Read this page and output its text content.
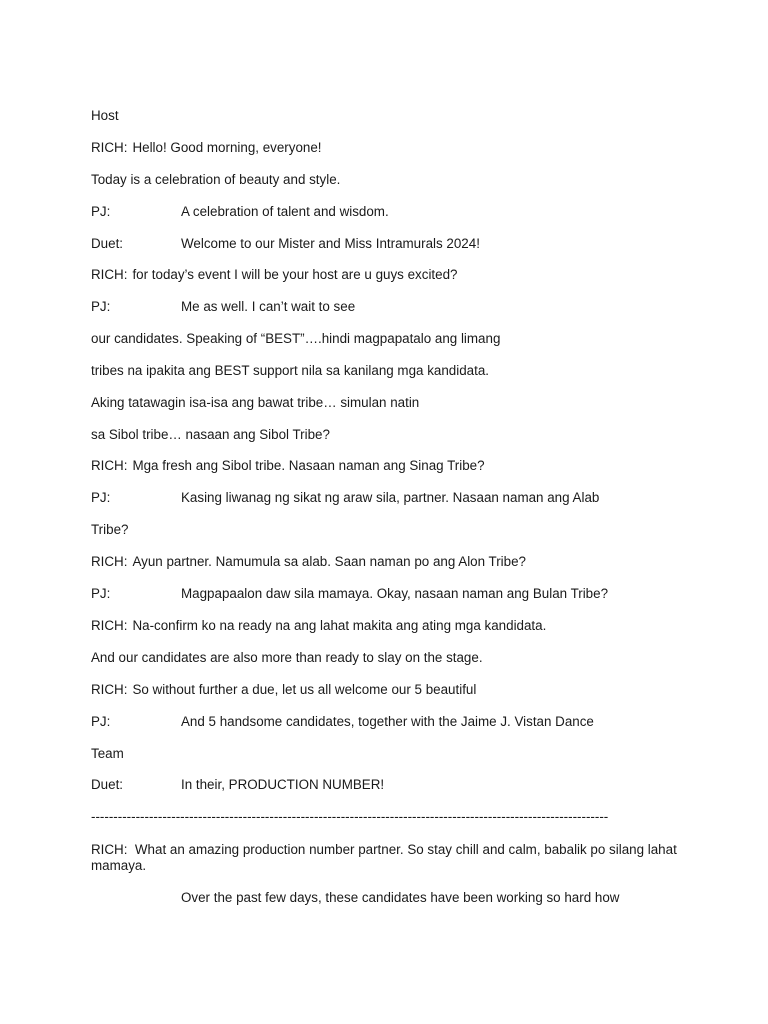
Host
RICH: Hello! Good morning, everyone!
Today is a celebration of beauty and style.
PJ:	A celebration of talent and wisdom.
Duet:	Welcome to our Mister and Miss Intramurals 2024!
RICH: for today’s event I will be your host are u guys excited?
PJ:	Me as well. I can’t wait to see
our candidates. Speaking of “BEST”….hindi magpapatalo ang limang
tribes na ipakita ang BEST support nila sa kanilang mga kandidata.
Aking tatawagin isa-isa ang bawat tribe… simulan natin
sa Sibol tribe… nasaan ang Sibol Tribe?
RICH: Mga fresh ang Sibol tribe. Nasaan naman ang Sinag Tribe?
PJ:	Kasing liwanag ng sikat ng araw sila, partner. Nasaan naman ang Alab
Tribe?
RICH: Ayun partner. Namumula sa alab. Saan naman po ang Alon Tribe?
PJ:	Magpapaalon daw sila mamaya. Okay, nasaan naman ang Bulan Tribe?
RICH: Na-confirm ko na ready na ang lahat makita ang ating mga kandidata.
And our candidates are also more than ready to slay on the stage.
RICH: So without further a due, let us all welcome our 5 beautiful
PJ:	And 5 handsome candidates, together with the Jaime J. Vistan Dance
Team
Duet:	In their, PRODUCTION NUMBER!
--------------------------------------------------------------------------------------------------------------------
RICH: What an amazing production number partner. So stay chill and calm, babalik po silang lahat mamaya.
Over the past few days, these candidates have been working so hard how
